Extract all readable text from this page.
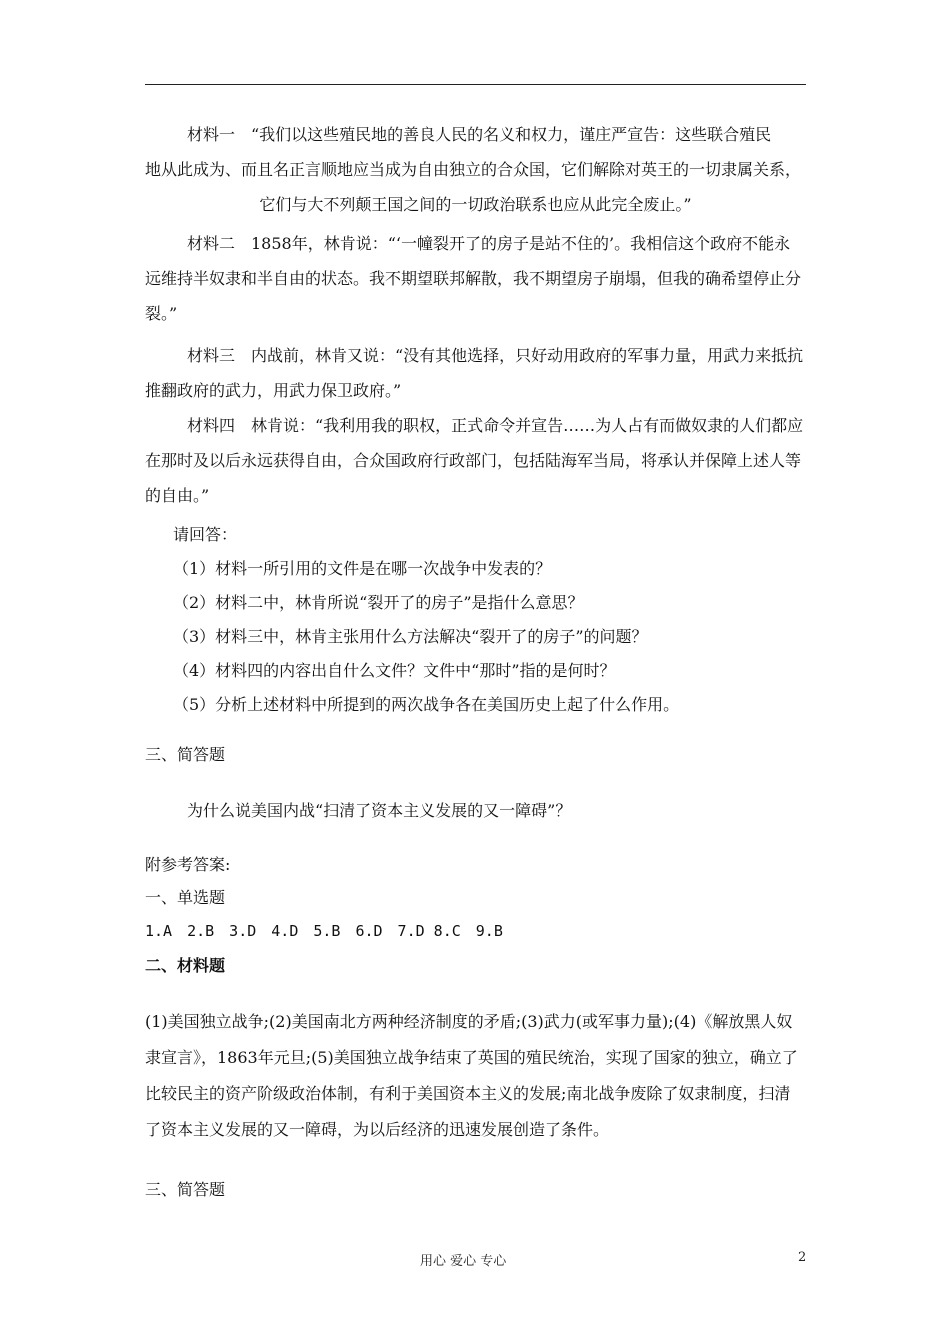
材料一　“我们以这些殖民地的善良人民的名义和权力，谨庄严宣告：这些联合殖民
地从此成为、而且名正言顺地应当成为自由独立的合众国，它们解除对英王的一切隶属关系，
它们与大不列颠王国之间的一切政治联系也应从此完全废止。”
材料二　1858年，林肯说：“‘一幢裂开了的房子是站不住的’。我相信这个政府不能永远维持半奴隶和半自由的状态。我不期望联邦解散，我不期望房子崩塌，但我的确希望停止分裂。”
材料三　内战前，林肯又说：“没有其他选择，只好动用政府的军事力量，用武力来抵抗推翻政府的武力，用武力保卫政府。”
材料四　林肯说：“我利用我的职权，正式命令并宣告……为人占有而做奴隶的人们都应在那时及以后永远获得自由，合众国政府行政部门，包括陆海军当局，将承认并保障上述人等的自由。”
请回答：
（1）材料一所引用的文件是在哪一次战争中发表的？
（2）材料二中，林肯所说“裂开了的房子”是指什么意思？
（3）材料三中，林肯主张用什么方法解决“裂开了的房子”的问题？
（4）材料四的内容出自什么文件？文件中“那时”指的是何时？
（5）分析上述材料中所提到的两次战争各在美国历史上起了什么作用。
三、简答题
为什么说美国内战“扫清了资本主义发展的又一障碍”？
附参考答案:
一、单选题
1.A　2.B　3.D　4.D　5.B　6.D　7.D 8.C　9.B
二、材料题
(1)美国独立战争;(2)美国南北方两种经济制度的矛盾;(3)武力(或军事力量);(4)《解放黑人奴隶宣言》，1863年元旦;(5)美国独立战争结束了英国的殖民统治，实现了国家的独立，确立了比较民主的资产阶级政治体制，有利于美国资本主义的发展;南北战争废除了奴隶制度，扫清了资本主义发展的又一障碍，为以后经济的迅速发展创造了条件。
三、简答题
用心 爱心 专心	2
